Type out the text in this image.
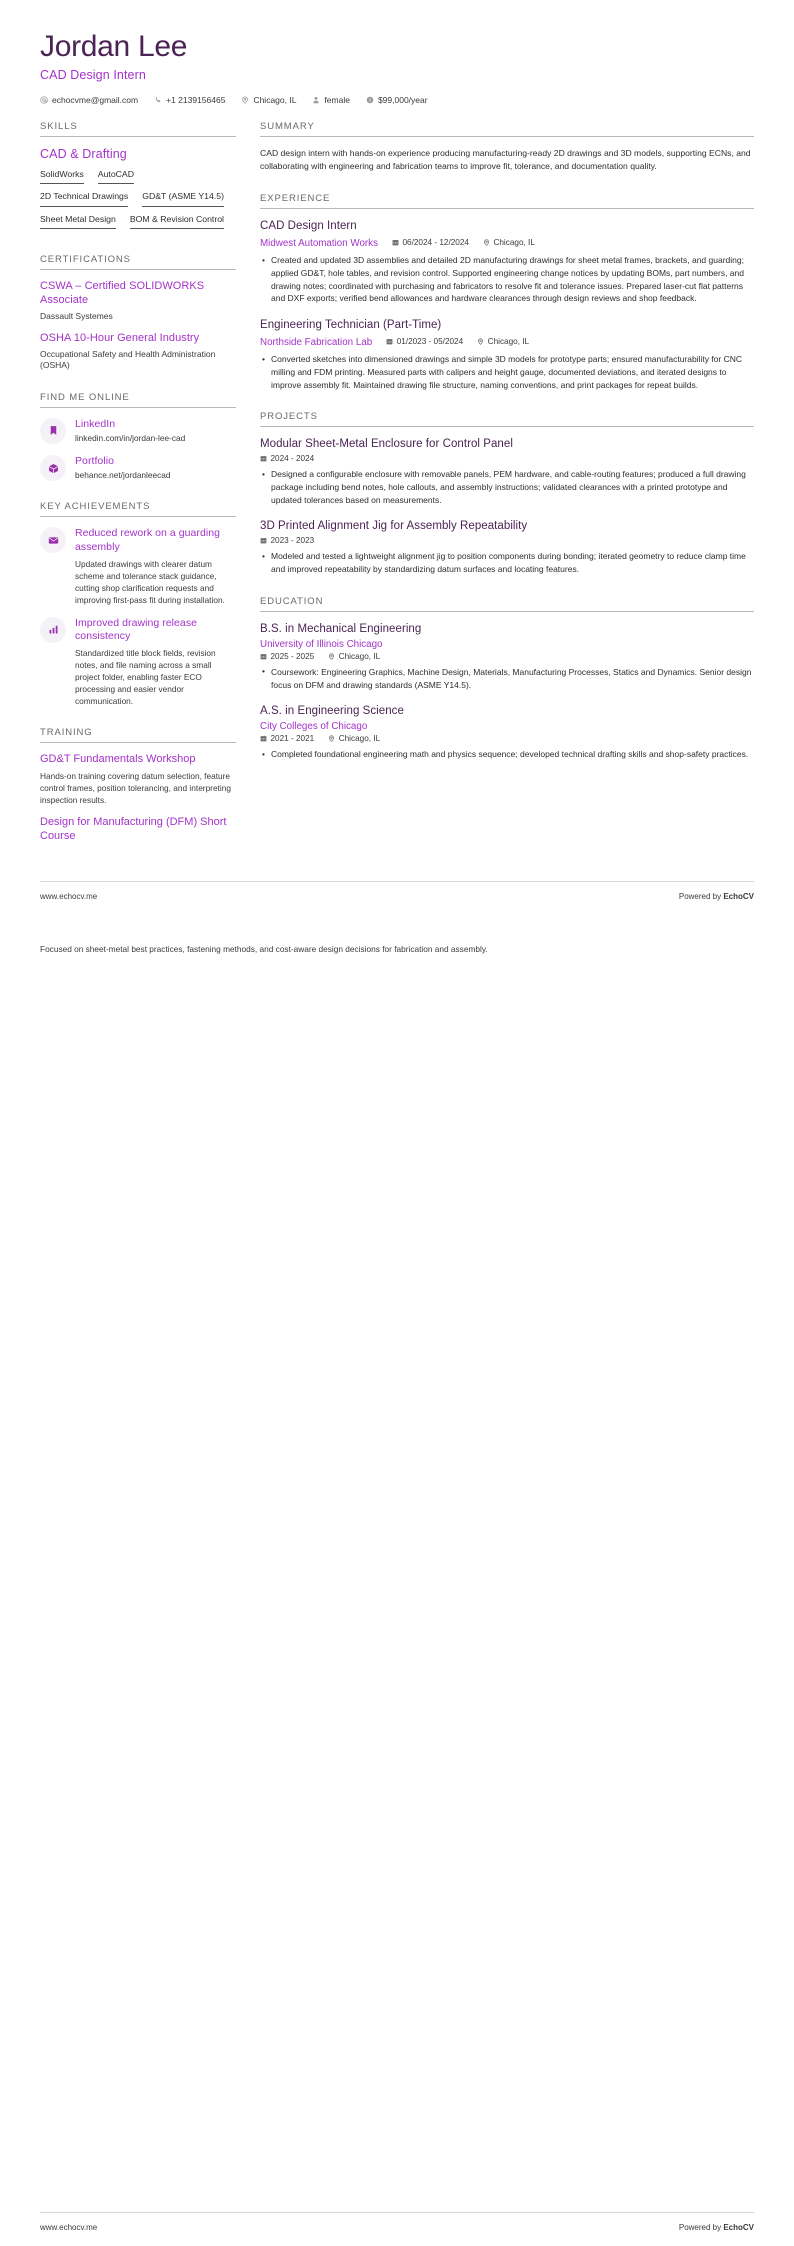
Jordan Lee
CAD Design Intern
echocvme@gmail.com	+1 2139156465	Chicago, IL	female	$99,000/year
SKILLS
CAD & Drafting
SolidWorks AutoCAD
2D Technical Drawings GD&T (ASME Y14.5)
Sheet Metal Design BOM & Revision Control
CERTIFICATIONS
CSWA – Certified SOLIDWORKS Associate
Dassault Systemes
OSHA 10-Hour General Industry
Occupational Safety and Health Administration (OSHA)
FIND ME ONLINE
LinkedIn
linkedin.com/in/jordan-lee-cad
Portfolio
behance.net/jordanleecad
KEY ACHIEVEMENTS
Reduced rework on a guarding assembly
Updated drawings with clearer datum scheme and tolerance stack guidance, cutting shop clarification requests and improving first-pass fit during installation.
Improved drawing release consistency
Standardized title block fields, revision notes, and file naming across a small project folder, enabling faster ECO processing and easier vendor communication.
TRAINING
GD&T Fundamentals Workshop
Hands-on training covering datum selection, feature control frames, position tolerancing, and interpreting inspection results.
Design for Manufacturing (DFM) Short Course
SUMMARY
CAD design intern with hands-on experience producing manufacturing-ready 2D drawings and 3D models, supporting ECNs, and collaborating with engineering and fabrication teams to improve fit, tolerance, and documentation quality.
EXPERIENCE
CAD Design Intern
Midwest Automation Works	06/2024 - 12/2024	Chicago, IL
• Created and updated 3D assemblies and detailed 2D manufacturing drawings for sheet metal frames, brackets, and guarding; applied GD&T, hole tables, and revision control. Supported engineering change notices by updating BOMs, part numbers, and drawing notes; coordinated with purchasing and fabricators to resolve fit and tolerance issues. Prepared laser-cut flat patterns and DXF exports; verified bend allowances and hardware clearances through design reviews and shop feedback.
Engineering Technician (Part-Time)
Northside Fabrication Lab	01/2023 - 05/2024	Chicago, IL
• Converted sketches into dimensioned drawings and simple 3D models for prototype parts; ensured manufacturability for CNC milling and FDM printing. Measured parts with calipers and height gauge, documented deviations, and iterated designs to improve assembly fit. Maintained drawing file structure, naming conventions, and print packages for repeat builds.
PROJECTS
Modular Sheet-Metal Enclosure for Control Panel
2024 - 2024
• Designed a configurable enclosure with removable panels, PEM hardware, and cable-routing features; produced a full drawing package including bend notes, hole callouts, and assembly instructions; validated clearances with a printed prototype and updated tolerances based on measurements.
3D Printed Alignment Jig for Assembly Repeatability
2023 - 2023
• Modeled and tested a lightweight alignment jig to position components during bonding; iterated geometry to reduce clamp time and improved repeatability by standardizing datum surfaces and locating features.
EDUCATION
B.S. in Mechanical Engineering
University of Illinois Chicago
2025 - 2025	Chicago, IL
• Coursework: Engineering Graphics, Machine Design, Materials, Manufacturing Processes, Statics and Dynamics. Senior design focus on DFM and drawing standards (ASME Y14.5).
A.S. in Engineering Science
City Colleges of Chicago
2021 - 2021	Chicago, IL
• Completed foundational engineering math and physics sequence; developed technical drafting skills and shop-safety practices.
www.echocv.me	Powered by EchoCV
Focused on sheet-metal best practices, fastening methods, and cost-aware design decisions for fabrication and assembly.
www.echocv.me	Powered by EchoCV
